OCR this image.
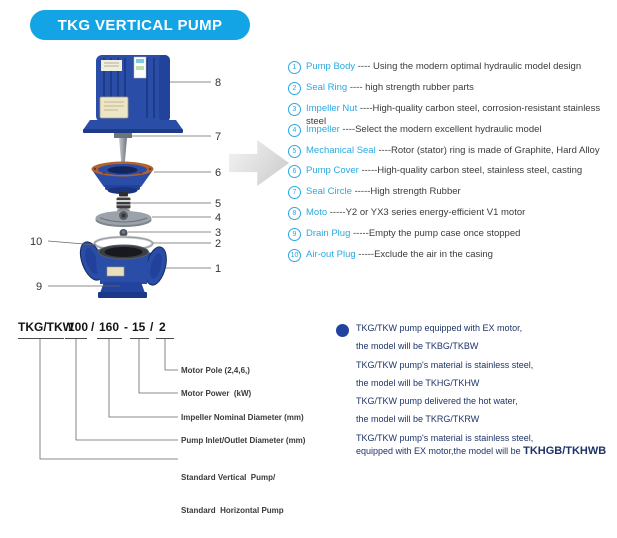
TKG VERTICAL PUMP
8
7
6
5
4
3
2
1
10
9
1	Pump Body ---- Using the modern optimal hydraulic model design
2	Seal Ring ---- high strength rubber parts
3	Impeller Nut ----High-quality carbon steel, corrosion-resistant stainless steel
4	Impeller ----Select the modern excellent hydraulic model
5	Mechanical Seal ----Rotor (stator) ring is made of Graphite, Hard Alloy
6	Pump Cover -----High-quality carbon steel, stainless steel, casting
7	Seal Circle -----High strength Rubber
8	Moto -----Y2 or YX3 series energy-efficient V1 motor
9	Drain Plug -----Empty the pump case once stopped
10 Air-out Plug -----Exclude the air in the casing
TKG/TKW
100 / 160 - 15 / 2
Motor Pole (2,4,6,)
Motor Power  (kW)
Impeller Nominal Diameter (mm)
Pump Inlet/Outlet Diameter (mm)

Standard Vertical  Pump/

Standard  Horizontal Pump

TKG/TKW pump equipped with EX motor,
the model will be TKBG/TKBW
TKG/TKW pump's material is stainless steel,
the model will be TKHG/TKHW
TKG/TKW pump delivered the hot water,
the model will be TKRG/TKRW
TKG/TKW pump's material is stainless steel,
equipped with EX motor,the model will be TKHGB/TKHWB
